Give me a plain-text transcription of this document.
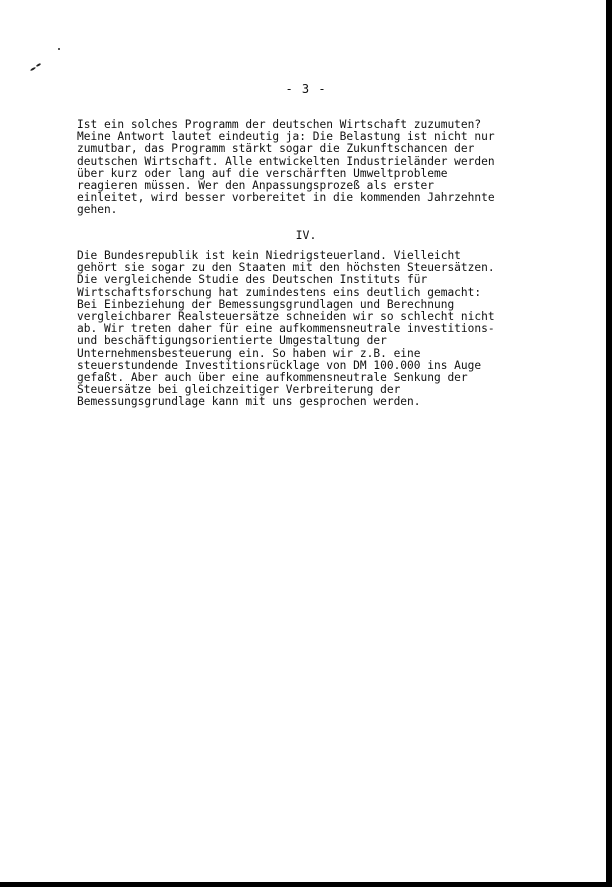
- 3 -
Ist ein solches Programm der deutschen Wirtschaft zuzumuten?
Meine Antwort lautet eindeutig ja: Die Belastung ist nicht nur
zumutbar, das Programm stärkt sogar die Zukunftschancen der
deutschen Wirtschaft. Alle entwickelten Industrieländer werden
über kurz oder lang auf die verschärften Umweltprobleme
reagieren müssen. Wer den Anpassungsprozeß als erster
einleitet, wird besser vorbereitet in die kommenden Jahrzehnte
gehen.
IV.
Die Bundesrepublik ist kein Niedrigsteuerland. Vielleicht
gehört sie sogar zu den Staaten mit den höchsten Steuersätzen.
Die vergleichende Studie des Deutschen Instituts für
Wirtschaftsforschung hat zumindestens eins deutlich gemacht:
Bei Einbeziehung der Bemessungsgrundlagen und Berechnung
vergleichbarer Realsteuersätze schneiden wir so schlecht nicht
ab. Wir treten daher für eine aufkommensneutrale investitions-
und beschäftigungsorientierte Umgestaltung der
Unternehmensbesteuerung ein. So haben wir z.B. eine
steuerstundende Investitionsrücklage von DM 100.000 ins Auge
gefaßt. Aber auch über eine aufkommensneutrale Senkung der
Steuersätze bei gleichzeitiger Verbreiterung der
Bemessungsgrundlage kann mit uns gesprochen werden.
